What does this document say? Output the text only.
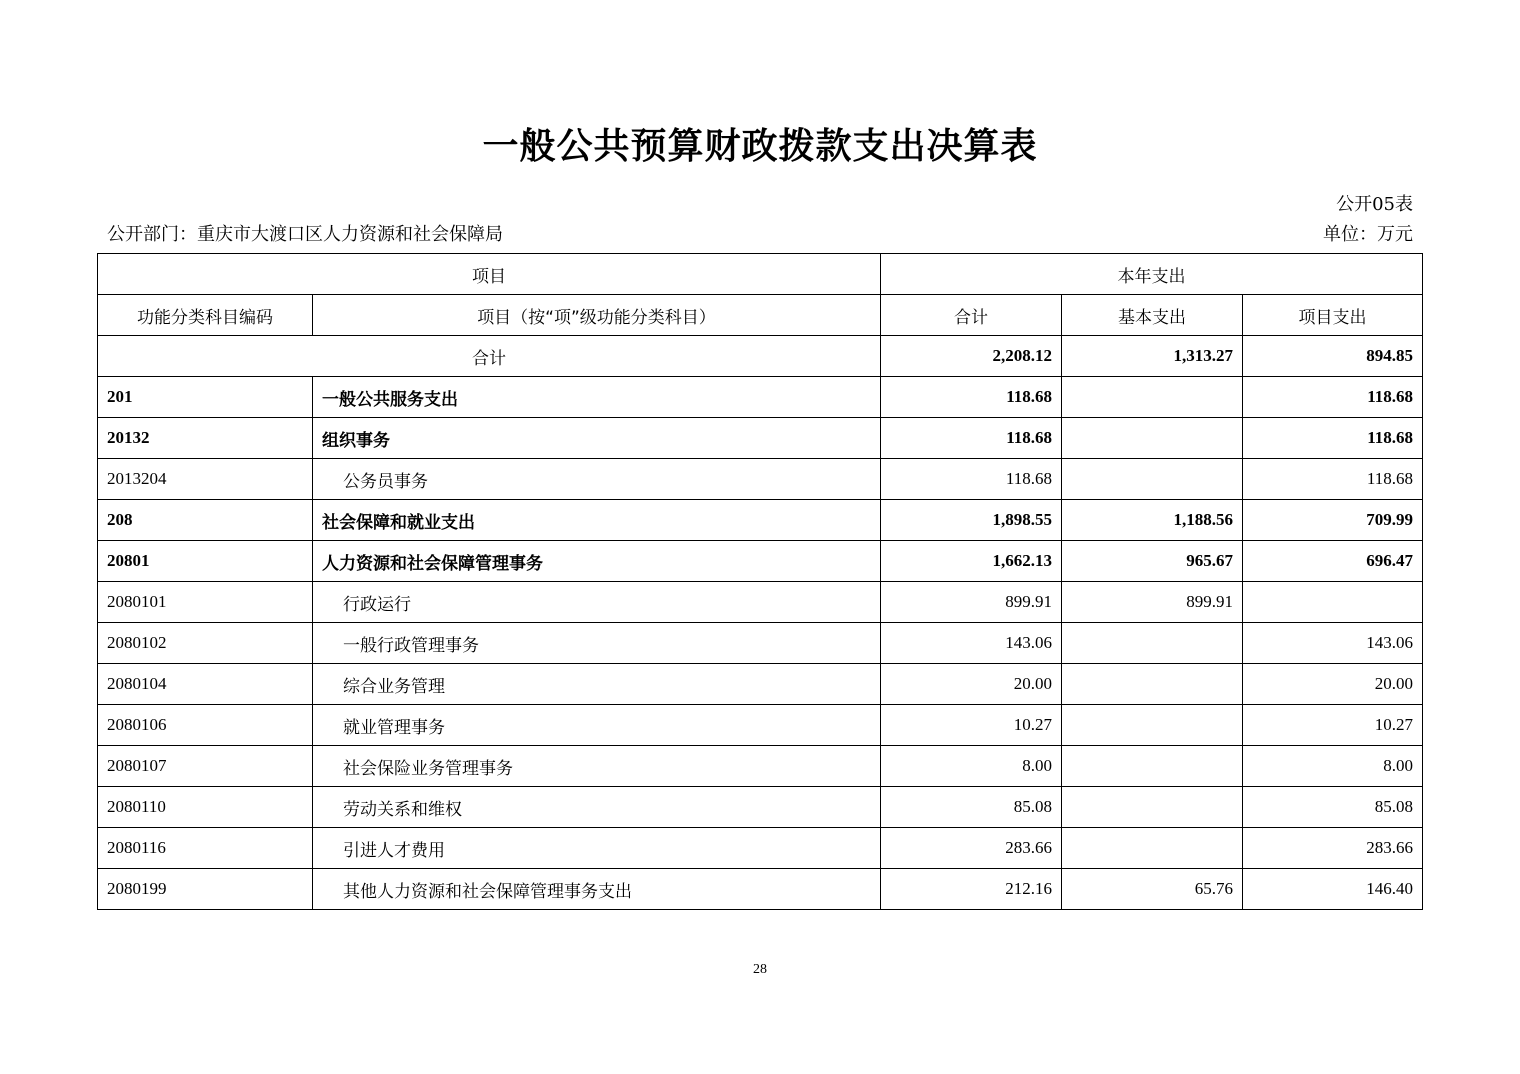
一般公共预算财政拨款支出决算表
公开05表
公开部门：重庆市大渡口区人力资源和社会保障局	单位：万元
项目		本年支出		
功能分类科目编码	项目（按“项”级功能分类科目）	合计	基本支出	项目支出
合计		2,208.12	1,313.27	894.85
201	一般公共服务支出	118.68		118.68
20132	组织事务	118.68		118.68
2013204	公务员事务	118.68		118.68
208	社会保障和就业支出	1,898.55	1,188.56	709.99
20801	人力资源和社会保障管理事务	1,662.13	965.67	696.47
2080101	行政运行	899.91	899.91	
2080102	一般行政管理事务	143.06		143.06
2080104	综合业务管理	20.00		20.00
2080106	就业管理事务	10.27		10.27
2080107	社会保险业务管理事务	8.00		8.00
2080110	劳动关系和维权	85.08		85.08
2080116	引进人才费用	283.66		283.66
2080199	其他人力资源和社会保障管理事务支出	212.16	65.76	146.40
28
